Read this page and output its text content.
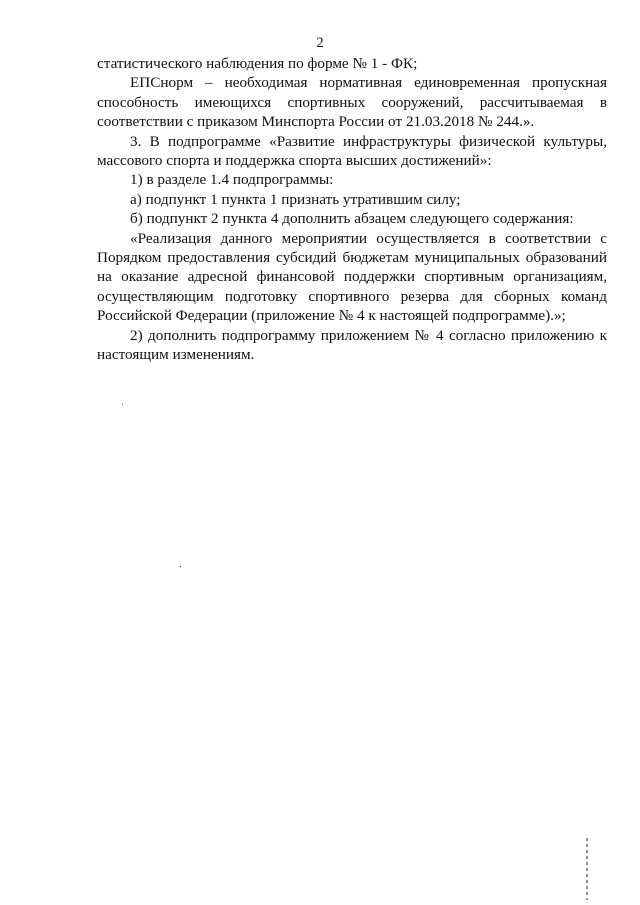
2

статистического наблюдения по форме № 1 - ФК;

ЕПСнорм – необходимая нормативная единовременная пропускная способность имеющихся спортивных сооружений, рассчитываемая в соответствии с приказом Минспорта России от 21.03.2018 № 244.».

3. В подпрограмме «Развитие инфраструктуры физической культуры, массового спорта и поддержка спорта высших достижений»:

1) в разделе 1.4 подпрограммы:

а) подпункт 1 пункта 1 признать утратившим силу;

б) подпункт 2 пункта 4 дополнить абзацем следующего содержания:

«Реализация данного мероприятии осуществляется в соответствии с Порядком предоставления субсидий бюджетам муниципальных образований на оказание адресной финансовой поддержки спортивным организациям, осуществляющим подготовку спортивного резерва для сборных команд Российской Федерации (приложение № 4 к настоящей подпрограмме).»;

2) дополнить подпрограмму приложением № 4 согласно приложению к настоящим изменениям.
